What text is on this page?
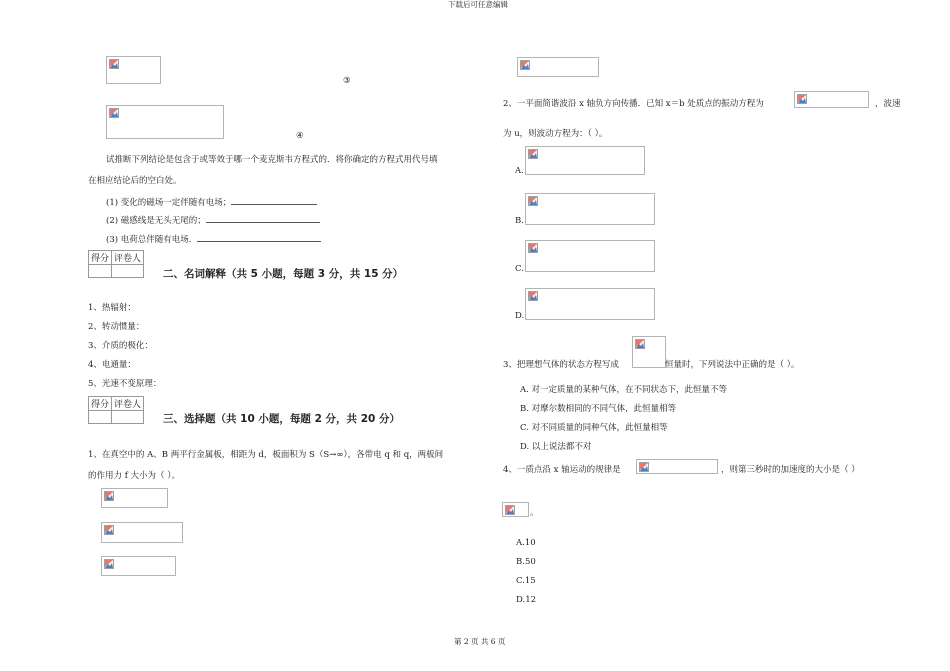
下载后可任意编辑
第 2 页 共 6 页
③
④
试推断下列结论是包含于或等效于哪一个麦克斯韦方程式的．将你确定的方程式用代号填
在相应结论后的空白处。
(1) 变化的磁场一定伴随有电场；
(2) 磁感线是无头无尾的；
(3) 电荷总伴随有电场．
得分	评卷人

二、名词解释（共 5 小题，每题 3 分，共 15 分）
1、热辐射：
2、转动惯量：
3、介质的极化：
4、电通量：
5、光速不变原理：
得分	评卷人

三、选择题（共 10 小题，每题 2 分，共 20 分）
1、在真空中的 A、B 两平行金属板，相距为 d，板面积为 S（S→∞），各带电 q 和 q，两板间
的作用力 f 大小为（ ）。
2、一平面简谐波沿 x 轴负方向传播．已知 x＝b 处质点的振动方程为	，波速
为 u，则波动方程为：（ ）。
A.
B.
C.
D.
3、把理想气体的状态方程写成	恒量时，下列说法中正确的是（ ）。
A. 对一定质量的某种气体，在不同状态下，此恒量不等
B. 对摩尔数相同的不同气体，此恒量相等
C. 对不同质量的同种气体，此恒量相等
D. 以上说法都不对
4、一质点沿 x 轴运动的规律是	，则第三秒时的加速度的大小是（ ）
。
A.10
B.50
C.15
D.12
